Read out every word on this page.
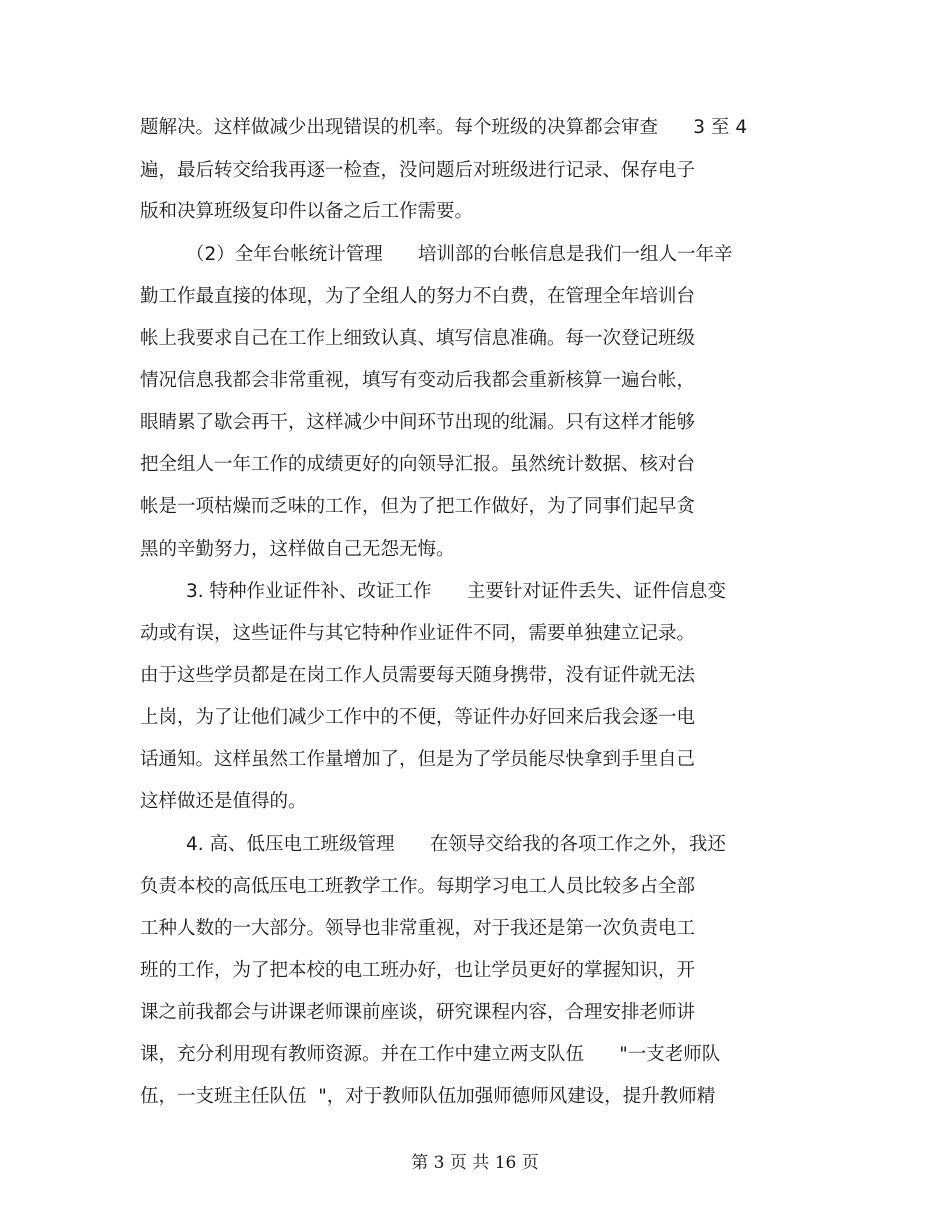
题解决。这样做减少出现错误的机率。每个班级的决算都会审查      3 至 4
遍，最后转交给我再逐一检查，没问题后对班级进行记录、保存电子
版和决算班级复印件以备之后工作需要。
（2）全年台帐统计管理      培训部的台帐信息是我们一组人一年辛
勤工作最直接的体现，为了全组人的努力不白费，在管理全年培训台
帐上我要求自己在工作上细致认真、填写信息准确。每一次登记班级
情况信息我都会非常重视，填写有变动后我都会重新核算一遍台帐，
眼睛累了歇会再干，这样减少中间环节出现的纰漏。只有这样才能够
把全组人一年工作的成绩更好的向领导汇报。虽然统计数据、核对台
帐是一项枯燥而乏味的工作，但为了把工作做好，为了同事们起早贪
黑的辛勤努力，这样做自己无怨无悔。
3. 特种作业证件补、改证工作      主要针对证件丢失、证件信息变
动或有误，这些证件与其它特种作业证件不同，需要单独建立记录。
由于这些学员都是在岗工作人员需要每天随身携带，没有证件就无法
上岗，为了让他们减少工作中的不便，等证件办好回来后我会逐一电
话通知。这样虽然工作量增加了，但是为了学员能尽快拿到手里自己
这样做还是值得的。
4. 高、低压电工班级管理      在领导交给我的各项工作之外，我还
负责本校的高低压电工班教学工作。每期学习电工人员比较多占全部
工种人数的一大部分。领导也非常重视，对于我还是第一次负责电工
班的工作，为了把本校的电工班办好，也让学员更好的掌握知识，开
课之前我都会与讲课老师课前座谈，研究课程内容，合理安排老师讲
课，充分利用现有教师资源。并在工作中建立两支队伍      "一支老师队
伍，一支班主任队伍  "，对于教师队伍加强师德师风建设，提升教师精
第 3 页 共 16 页
